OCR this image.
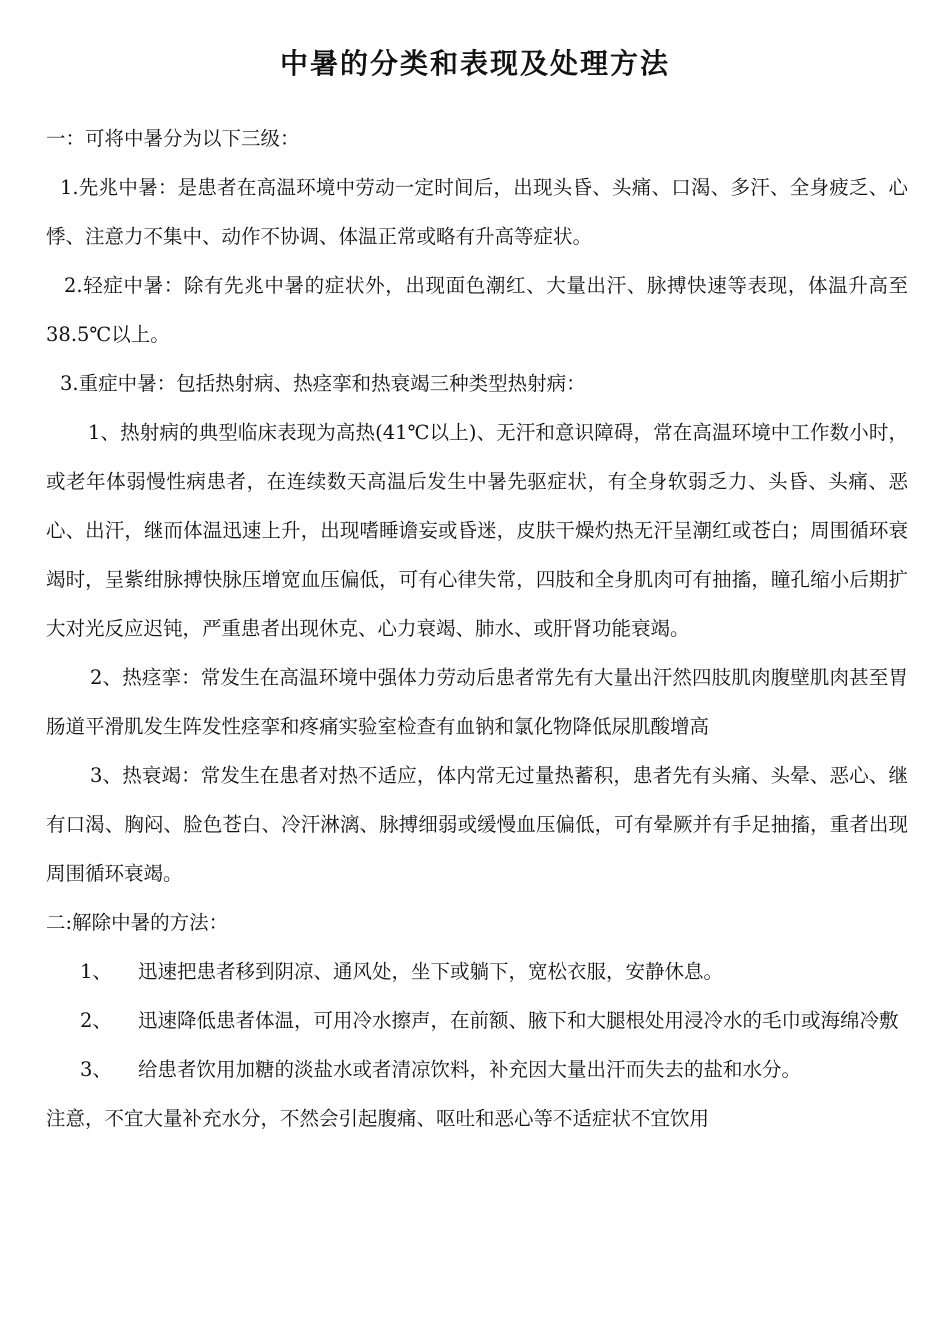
中暑的分类和表现及处理方法

一：可将中暑分为以下三级：

1.先兆中暑：是患者在高温环境中劳动一定时间后，出现头昏、头痛、口渴、多汗、全身疲乏、心悸、注意力不集中、动作不协调、体温正常或略有升高等症状。

2.轻症中暑：除有先兆中暑的症状外，出现面色潮红、大量出汗、脉搏快速等表现，体温升高至 38.5℃以上。

3.重症中暑：包括热射病、热痉挛和热衰竭三种类型热射病：

1、热射病的典型临床表现为高热(41℃以上)、无汗和意识障碍，常在高温环境中工作数小时，或老年体弱慢性病患者，在连续数天高温后发生中暑先驱症状，有全身软弱乏力、头昏、头痛、恶心、出汗，继而体温迅速上升，出现嗜睡谵妄或昏迷，皮肤干燥灼热无汗呈潮红或苍白；周围循环衰竭时，呈紫绀脉搏快脉压增宽血压偏低，可有心律失常，四肢和全身肌肉可有抽搐，瞳孔缩小后期扩大对光反应迟钝，严重患者出现休克、心力衰竭、肺水、或肝肾功能衰竭。

2、热痉挛：常发生在高温环境中强体力劳动后患者常先有大量出汗然四肢肌肉腹壁肌肉甚至胃肠道平滑肌发生阵发性痉挛和疼痛实验室检查有血钠和氯化物降低尿肌酸增高

3、热衰竭：常发生在患者对热不适应，体内常无过量热蓄积，患者先有头痛、头晕、恶心、继有口渴、胸闷、脸色苍白、冷汗淋漓、脉搏细弱或缓慢血压偏低，可有晕厥并有手足抽搐，重者出现周围循环衰竭。

二:解除中暑的方法：

1、	迅速把患者移到阴凉、通风处，坐下或躺下，宽松衣服，安静休息。
2、	迅速降低患者体温，可用冷水擦声，在前额、腋下和大腿根处用浸冷水的毛巾或海绵冷敷
3、	给患者饮用加糖的淡盐水或者清凉饮料，补充因大量出汗而失去的盐和水分。

注意，不宜大量补充水分，不然会引起腹痛、呕吐和恶心等不适症状不宜饮用
